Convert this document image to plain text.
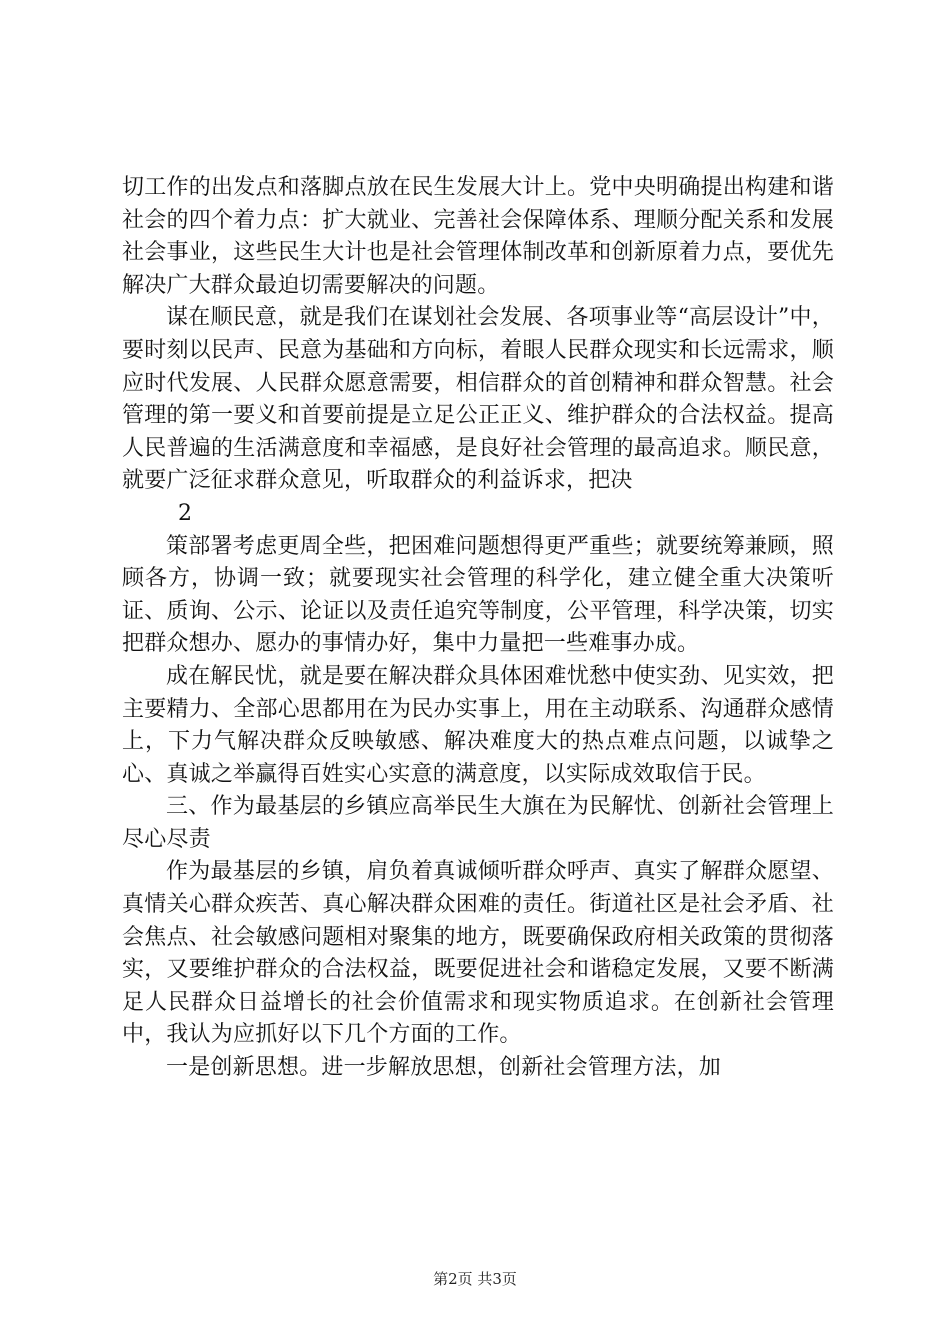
切工作的出发点和落脚点放在民生发展大计上。党中央明确提出构建和谐社会的四个着力点：扩大就业、完善社会保障体系、理顺分配关系和发展社会事业，这些民生大计也是社会管理体制改革和创新原着力点，要优先解决广大群众最迫切需要解决的问题。

谋在顺民意，就是我们在谋划社会发展、各项事业等“高层设计”中，要时刻以民声、民意为基础和方向标，着眼人民群众现实和长远需求，顺应时代发展、人民群众愿意需要，相信群众的首创精神和群众智慧。社会管理的第一要义和首要前提是立足公正正义、维护群众的合法权益。提高人民普遍的生活满意度和幸福感，是良好社会管理的最高追求。顺民意，就要广泛征求群众意见，听取群众的利益诉求，把决

2

策部署考虑更周全些，把困难问题想得更严重些；就要统筹兼顾，照顾各方，协调一致；就要现实社会管理的科学化，建立健全重大决策听证、质询、公示、论证以及责任追究等制度，公平管理，科学决策，切实把群众想办、愿办的事情办好，集中力量把一些难事办成。

成在解民忧，就是要在解决群众具体困难忧愁中使实劲、见实效，把主要精力、全部心思都用在为民办实事上，用在主动联系、沟通群众感情上，下力气解决群众反映敏感、解决难度大的热点难点问题，以诚挚之心、真诚之举赢得百姓实心实意的满意度，以实际成效取信于民。

三、作为最基层的乡镇应高举民生大旗在为民解忧、创新社会管理上尽心尽责

作为最基层的乡镇，肩负着真诚倾听群众呼声、真实了解群众愿望、真情关心群众疾苦、真心解决群众困难的责任。街道社区是社会矛盾、社会焦点、社会敏感问题相对聚集的地方，既要确保政府相关政策的贯彻落实，又要维护群众的合法权益，既要促进社会和谐稳定发展，又要不断满足人民群众日益增长的社会价值需求和现实物质追求。在创新社会管理中，我认为应抓好以下几个方面的工作。

一是创新思想。进一步解放思想，创新社会管理方法，加

第2页 共3页
